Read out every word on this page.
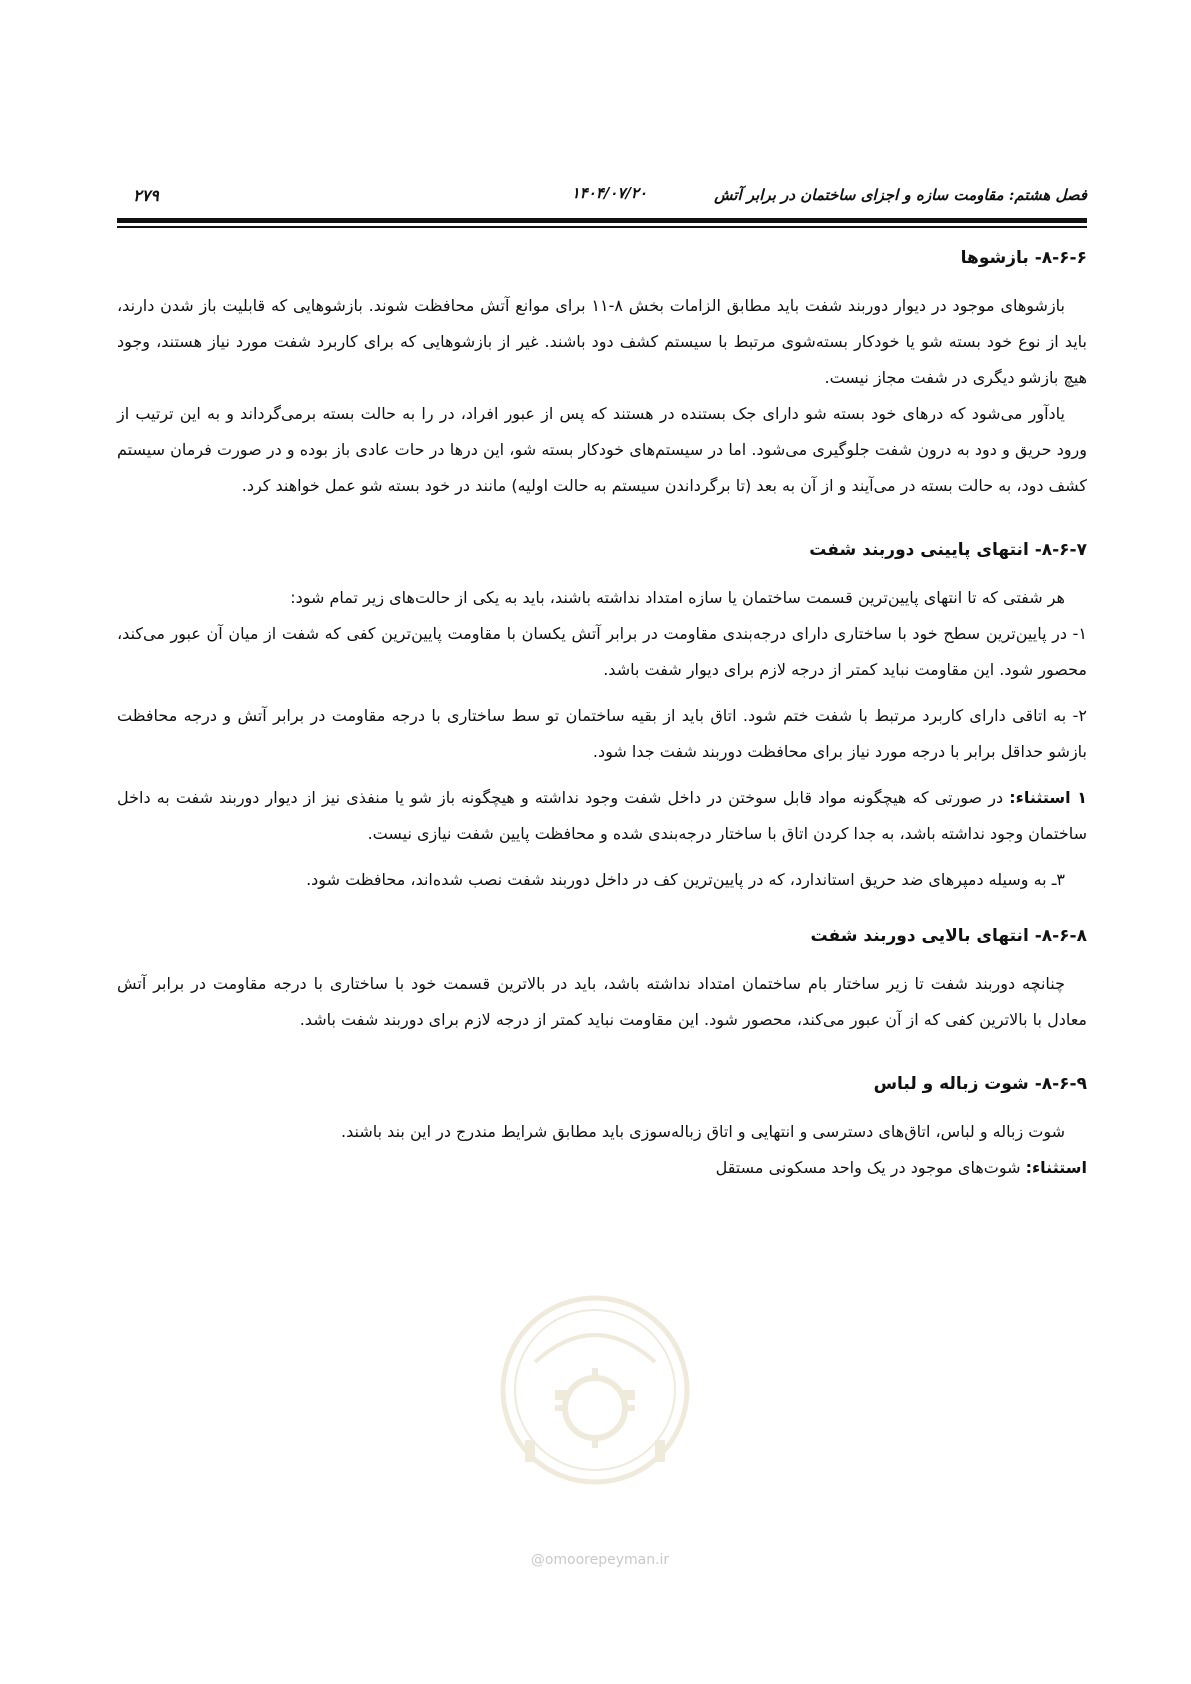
فصل هشتم: مقاومت سازه و اجزای ساختمان در برابر آتش
۱۴۰۴/۰۷/۲۰
۲۷۹

۸-۶-۶- بازشوها

بازشوهای موجود در دیوار دوربند شفت باید مطابق الزامات بخش ۸-۱۱ برای موانع آتش محافظت شوند. بازشوهایی که قابلیت باز شدن دارند، باید از نوع خود بسته شو یا خودکار بسته‌شوی مرتبط با سیستم کشف دود باشند. غیر از بازشوهایی که برای کاربرد شفت مورد نیاز هستند، وجود هیچ بازشو دیگری در شفت مجاز نیست.

یادآور می‌شود که درهای خود بسته شو دارای جک بستنده در هستند که پس از عبور افراد، در را به حالت بسته برمی‌گرداند و به این ترتیب از ورود حریق و دود به درون شفت جلوگیری می‌شود. اما در سیستم‌های خودکار بسته شو، این درها در حات عادی باز بوده و در صورت فرمان سیستم کشف دود، به حالت بسته در می‌آیند و از آن به بعد (تا برگرداندن سیستم به حالت اولیه) مانند در خود بسته شو عمل خواهند کرد.

۸-۶-۷- انتهای پایینی دوربند شفت

هر شفتی که تا انتهای پایین‌ترین قسمت ساختمان یا سازه امتداد نداشته باشند، باید به یکی از حالت‌های زیر تمام شود:

۱- در پایین‌ترین سطح خود با ساختاری دارای درجه‌بندی مقاومت در برابر آتش یکسان با مقاومت پایین‌ترین کفی که شفت از میان آن عبور می‌کند، محصور شود. این مقاومت نباید کمتر از درجه لازم برای دیوار شفت باشد.

۲- به اتاقی دارای کاربرد مرتبط با شفت ختم شود. اتاق باید از بقیه ساختمان تو سط ساختاری با درجه مقاومت در برابر آتش و درجه محافظت بازشو حداقل برابر با درجه مورد نیاز برای محافظت دوربند شفت جدا شود.

۱ استثناء: در صورتی که هیچگونه مواد قابل سوختن در داخل شفت وجود نداشته و هیچگونه باز شو یا منفذی نیز از دیوار دوربند شفت به داخل ساختمان وجود نداشته باشد، به جدا کردن اتاق با ساختار درجه‌بندی شده و محافظت پایین شفت نیازی نیست.

۳ـ به وسیله دمپرهای ضد حریق استاندارد، که در پایین‌ترین کف در داخل دوربند شفت نصب شده‌اند، محافظت شود.

۸-۶-۸- انتهای بالایی دوربند شفت

چنانچه دوربند شفت تا زیر ساختار بام ساختمان امتداد نداشته باشد، باید در بالاترین قسمت خود با ساختاری با درجه مقاومت در برابر آتش معادل با بالاترین کفی که از آن عبور می‌کند، محصور شود. این مقاومت نباید کمتر از درجه لازم برای دوربند شفت باشد.

۸-۶-۹- شوت زباله و لباس

شوت زباله و لباس، اتاق‌های دسترسی و انتهایی و اتاق زباله‌سوزی باید مطابق شرایط مندرج در این بند باشند.

استثناء: شوت‌های موجود در یک واحد مسکونی مستقل

@omoorepeyman.ir
